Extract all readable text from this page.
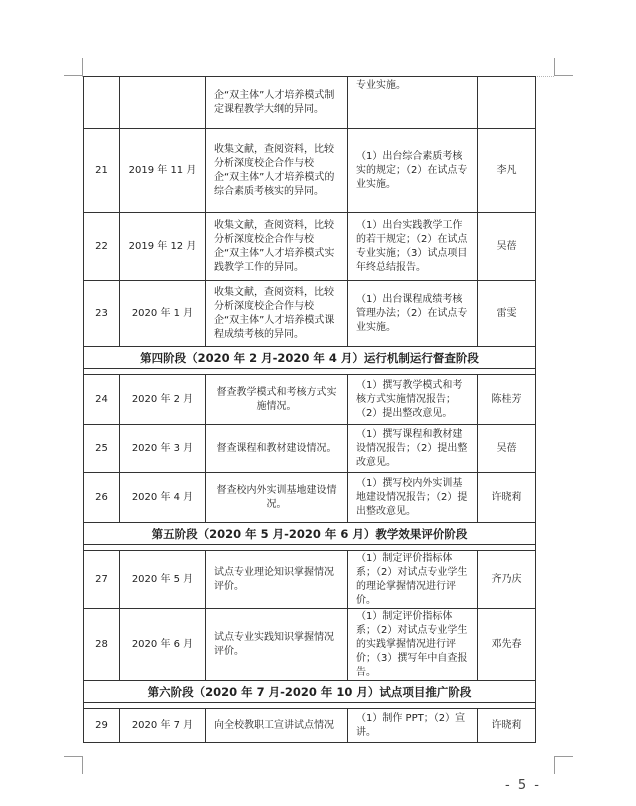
		企“双主体”人才培养模式制定课程教学大纲的异同。	专业实施。	
21	2019 年 11 月	收集文献，查阅资料，比较分析深度校企合作与校企“双主体”人才培养模式的综合素质考核实的异同。	（1）出台综合素质考核实的规定；（2）在试点专业实施。	李凡
22	2019 年 12 月	收集文献，查阅资料，比较分析深度校企合作与校企“双主体”人才培养模式实践教学工作的异同。	（1）出台实践教学工作的若干规定；（2）在试点专业实施；（3）试点项目年终总结报告。	吴蓓
23	2020 年 1 月	收集文献，查阅资料，比较分析深度校企合作与校企“双主体”人才培养模式课程成绩考核的异同。	（1）出台课程成绩考核管理办法；（2）在试点专业实施。	雷雯
第四阶段（2020 年 2 月-2020 年 4 月）运行机制运行督查阶段				

24	2020 年 2 月	督查教学模式和考核方式实施情况。	（1）撰写教学模式和考核方式实施情况报告；（2）提出整改意见。	陈桂芳
25	2020 年 3 月	督查课程和教材建设情况。	（1）撰写课程和教材建设情况报告；（2）提出整改意见。	吴蓓
26	2020 年 4 月	督查校内外实训基地建设情况。	（1）撰写校内外实训基地建设情况报告；（2）提出整改意见。	许晓莉
第五阶段（2020 年 5 月-2020 年 6 月）教学效果评价阶段				

27	2020 年 5 月	试点专业理论知识掌握情况评价。	（1）制定评价指标体系；（2）对试点专业学生的理论掌握情况进行评价。	齐乃庆
28	2020 年 6 月	试点专业实践知识掌握情况评价。	（1）制定评价指标体系；（2）对试点专业学生的实践掌握情况进行评价；（3）撰写年中自查报告。	邓先春
第六阶段（2020 年 7 月-2020 年 10 月）试点项目推广阶段				

29	2020 年 7 月	向全校教职工宣讲试点情况	（1）制作 PPT；（2）宣讲。	许晓莉
- 5 -
